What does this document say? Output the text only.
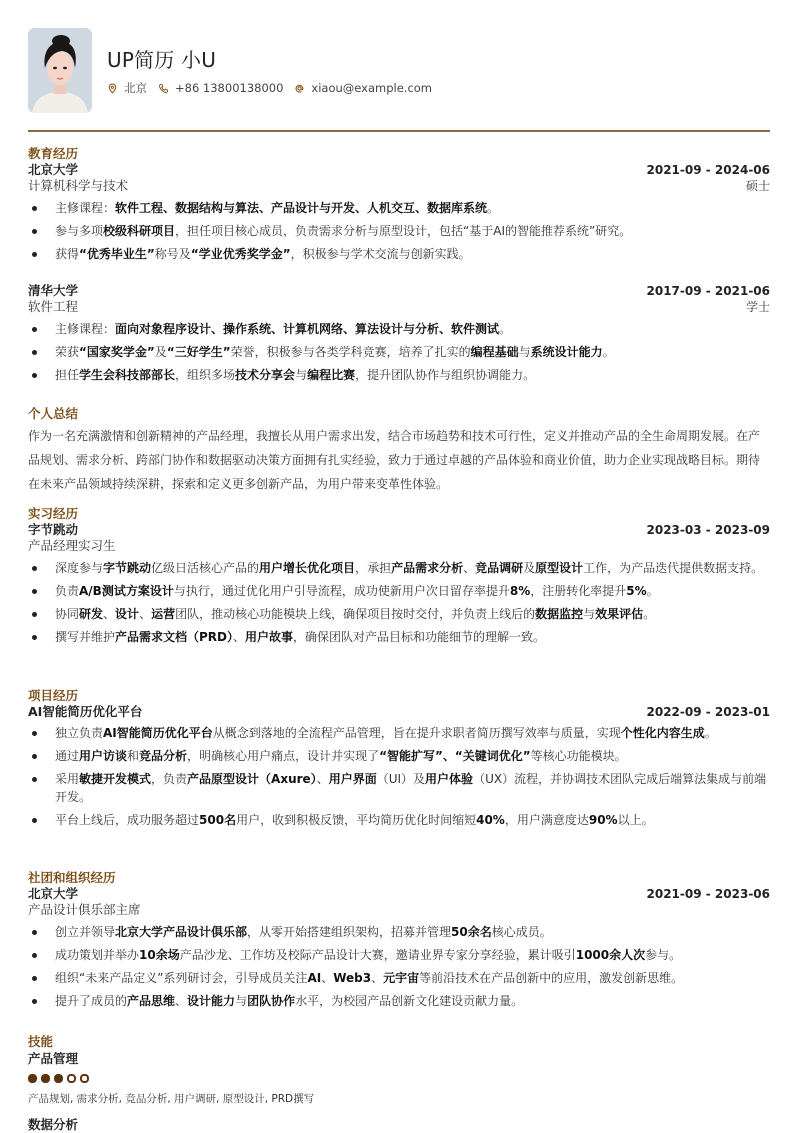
UP简历 小U
北京 +86 13800138000 xiaou@example.com
教育经历
北京大学	2021-09 - 2024-06
计算机科学与技术	硕士
主修课程：软件工程、数据结构与算法、产品设计与开发、人机交互、数据库系统。
参与多项校级科研项目，担任项目核心成员，负责需求分析与原型设计，包括“基于AI的智能推荐系统”研究。
获得“优秀毕业生”称号及“学业优秀奖学金”，积极参与学术交流与创新实践。
清华大学	2017-09 - 2021-06
软件工程	学士
主修课程：面向对象程序设计、操作系统、计算机网络、算法设计与分析、软件测试。
荣获“国家奖学金”及“三好学生”荣誉，积极参与各类学科竞赛，培养了扎实的编程基础与系统设计能力。
担任学生会科技部部长，组织多场技术分享会与编程比赛，提升团队协作与组织协调能力。
个人总结

作为一名充满激情和创新精神的产品经理，我擅长从用户需求出发，结合市场趋势和技术可行性，定义并推动产品的全生命周期发展。在产品规划、需求分析、跨部门协作和数据驱动决策方面拥有扎实经验，致力于通过卓越的产品体验和商业价值，助力企业实现战略目标。期待在未来产品领域持续深耕，探索和定义更多创新产品，为用户带来变革性体验。

实习经历
字节跳动	2023-03 - 2023-09
产品经理实习生
深度参与字节跳动亿级日活核心产品的用户增长优化项目，承担产品需求分析、竞品调研及原型设计工作，为产品迭代提供数据支持。
负责A/B测试方案设计与执行，通过优化用户引导流程，成功使新用户次日留存率提升8%，注册转化率提升5%。
协同研发、设计、运营团队，推动核心功能模块上线，确保项目按时交付，并负责上线后的数据监控与效果评估。
撰写并维护产品需求文档（PRD）、用户故事，确保团队对产品目标和功能细节的理解一致。
项目经历
AI智能简历优化平台	2022-09 - 2023-01
独立负责AI智能简历优化平台从概念到落地的全流程产品管理，旨在提升求职者简历撰写效率与质量，实现个性化内容生成。
通过用户访谈和竞品分析，明确核心用户痛点，设计并实现了“智能扩写”、“关键词优化”等核心功能模块。
采用敏捷开发模式，负责产品原型设计（Axure）、用户界面（UI）及用户体验（UX）流程，并协调技术团队完成后端算法集成与前端开发。
平台上线后，成功服务超过500名用户，收到积极反馈，平均简历优化时间缩短40%，用户满意度达90%以上。
社团和组织经历
北京大学	2021-09 - 2023-06
产品设计俱乐部主席
创立并领导北京大学产品设计俱乐部，从零开始搭建组织架构，招募并管理50余名核心成员。
成功策划并举办10余场产品沙龙、工作坊及校际产品设计大赛，邀请业界专家分享经验，累计吸引1000余人次参与。
组织“未来产品定义”系列研讨会，引导成员关注AI、Web3、元宇宙等前沿技术在产品创新中的应用，激发创新思维。
提升了成员的产品思维、设计能力与团队协作水平，为校园产品创新文化建设贡献力量。
技能
产品管理
产品规划, 需求分析, 竞品分析, 用户调研, 原型设计, PRD撰写
数据分析
